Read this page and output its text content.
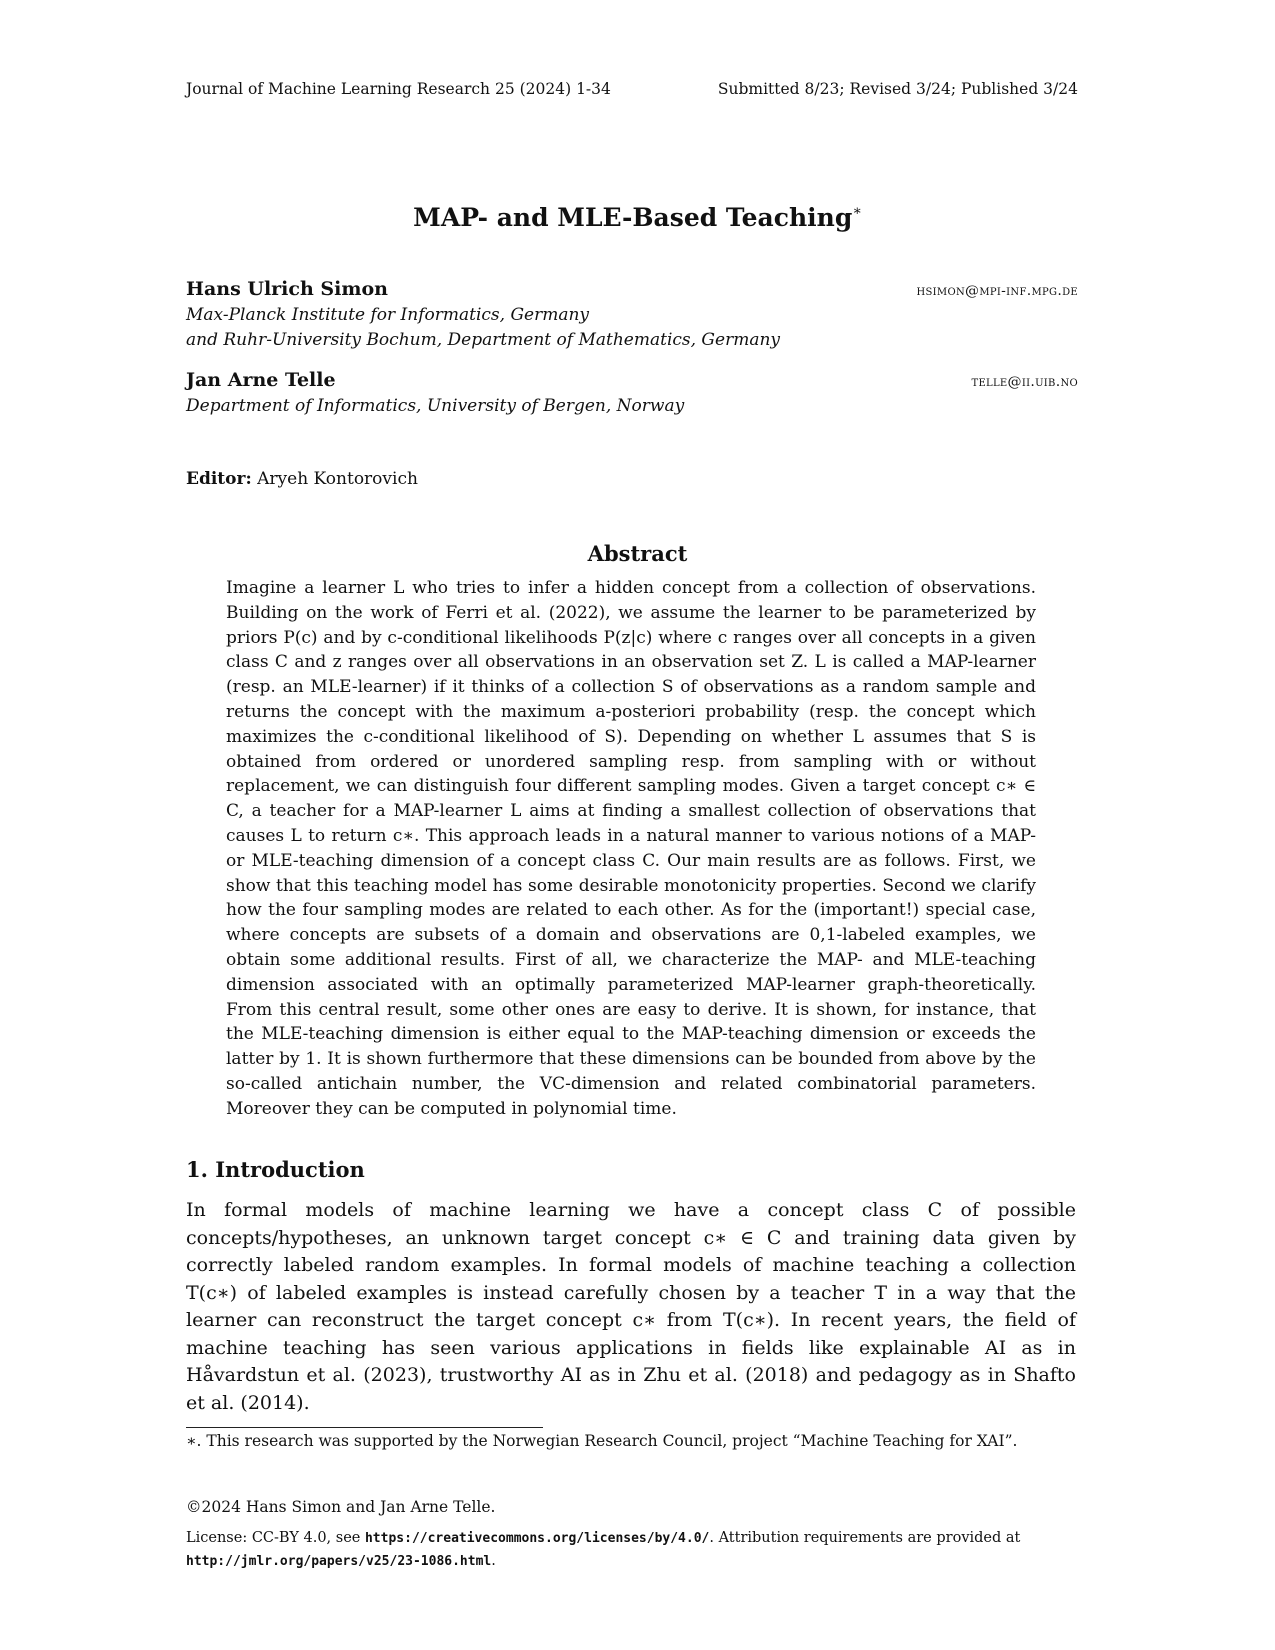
Journal of Machine Learning Research 25 (2024) 1-34	Submitted 8/23; Revised 3/24; Published 3/24
MAP- and MLE-Based Teaching∗
Hans Ulrich Simon	hsimon@mpi-inf.mpg.de
Max-Planck Institute for Informatics, Germany
and Ruhr-University Bochum, Department of Mathematics, Germany
Jan Arne Telle	telle@ii.uib.no
Department of Informatics, University of Bergen, Norway
Editor: Aryeh Kontorovich
Abstract
Imagine a learner L who tries to infer a hidden concept from a collection of observations. Building on the work of Ferri et al. (2022), we assume the learner to be parameterized by priors P(c) and by c-conditional likelihoods P(z|c) where c ranges over all concepts in a given class C and z ranges over all observations in an observation set Z. L is called a MAP-learner (resp. an MLE-learner) if it thinks of a collection S of observations as a random sample and returns the concept with the maximum a-posteriori probability (resp. the concept which maximizes the c-conditional likelihood of S). Depending on whether L assumes that S is obtained from ordered or unordered sampling resp. from sampling with or without replacement, we can distinguish four different sampling modes. Given a target concept c∗ ∈ C, a teacher for a MAP-learner L aims at finding a smallest collection of observations that causes L to return c∗. This approach leads in a natural manner to various notions of a MAP- or MLE-teaching dimension of a concept class C. Our main results are as follows. First, we show that this teaching model has some desirable monotonicity properties. Second we clarify how the four sampling modes are related to each other. As for the (important!) special case, where concepts are subsets of a domain and observations are 0,1-labeled examples, we obtain some additional results. First of all, we characterize the MAP- and MLE-teaching dimension associated with an optimally parameterized MAP-learner graph-theoretically. From this central result, some other ones are easy to derive. It is shown, for instance, that the MLE-teaching dimension is either equal to the MAP-teaching dimension or exceeds the latter by 1. It is shown furthermore that these dimensions can be bounded from above by the so-called antichain number, the VC-dimension and related combinatorial parameters. Moreover they can be computed in polynomial time.
1. Introduction
In formal models of machine learning we have a concept class C of possible concepts/hypotheses, an unknown target concept c∗ ∈ C and training data given by correctly labeled random examples. In formal models of machine teaching a collection T(c∗) of labeled examples is instead carefully chosen by a teacher T in a way that the learner can reconstruct the target concept c∗ from T(c∗). In recent years, the field of machine teaching has seen various applications in fields like explainable AI as in Håvardstun et al. (2023), trustworthy AI as in Zhu et al. (2018) and pedagogy as in Shafto et al. (2014).
∗. This research was supported by the Norwegian Research Council, project “Machine Teaching for XAI”.
©2024 Hans Simon and Jan Arne Telle.
License: CC-BY 4.0, see https://creativecommons.org/licenses/by/4.0/. Attribution requirements are provided at http://jmlr.org/papers/v25/23-1086.html.
